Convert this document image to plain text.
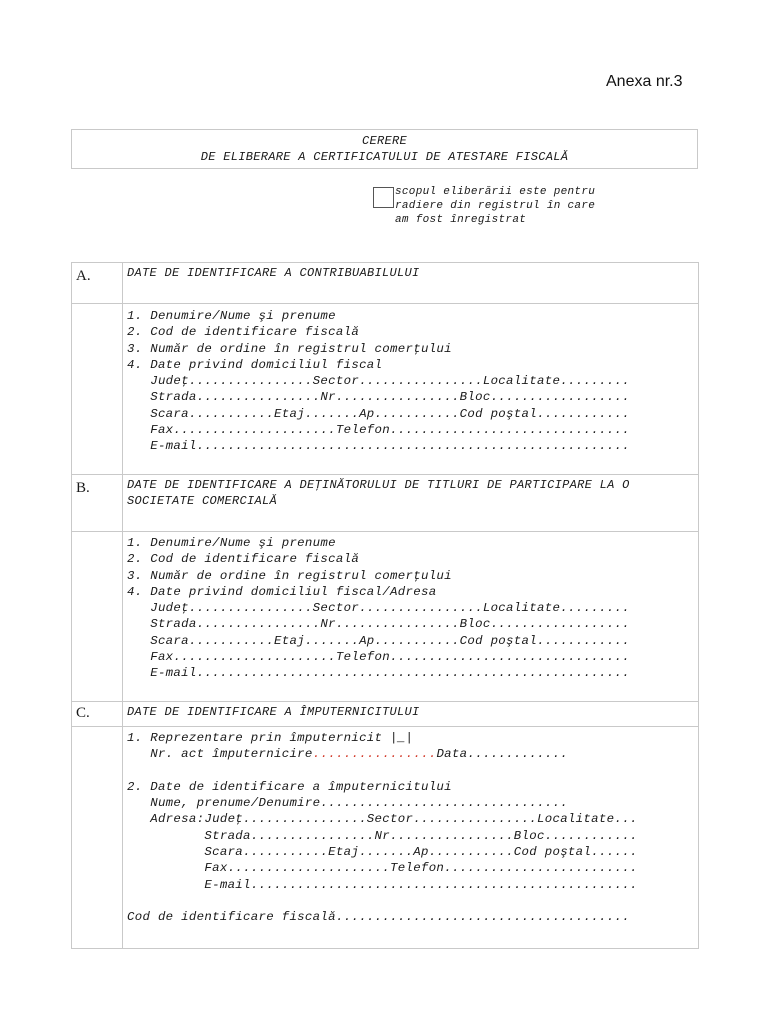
Anexa nr.3
CERERE
DE ELIBERARE A CERTIFICATULUI DE ATESTARE FISCALĂ
scopul eliberării este pentru
radiere din registrul în care
am fost înregistrat
A.	DATE DE IDENTIFICARE A CONTRIBUABILULUI
1. Denumire/Nume şi prenume
2. Cod de identificare fiscală
3. Număr de ordine în registrul comerţului
4. Date privind domiciliul fiscal
Judeţ................Sector................Localitate.........
Strada................Nr................Bloc..................
Scara...........Etaj.......Ap...........Cod poştal............
Fax.....................Telefon...............................
E-mail........................................................
B.	DATE DE IDENTIFICARE A DEŢINĂTORULUI DE TITLURI DE PARTICIPARE LA O
SOCIETATE COMERCIALĂ
1. Denumire/Nume şi prenume
2. Cod de identificare fiscală
3. Număr de ordine în registrul comerţului
4. Date privind domiciliul fiscal/Adresa
Judeţ................Sector................Localitate.........
Strada................Nr................Bloc..................
Scara...........Etaj.......Ap...........Cod poştal............
Fax.....................Telefon...............................
E-mail........................................................
C.	DATE DE IDENTIFICARE A ÎMPUTERNICITULUI
1. Reprezentare prin împuternicit |_|
Nr. act împuternicire................Data.............
2. Date de identificare a împuternicitului
Nume, prenume/Denumire................................
Adresa:Judeţ................Sector................Localitate...
Strada................Nr................Bloc............
Scara...........Etaj.......Ap...........Cod poştal......
Fax.....................Telefon.........................
E-mail..................................................
Cod de identificare fiscală......................................
